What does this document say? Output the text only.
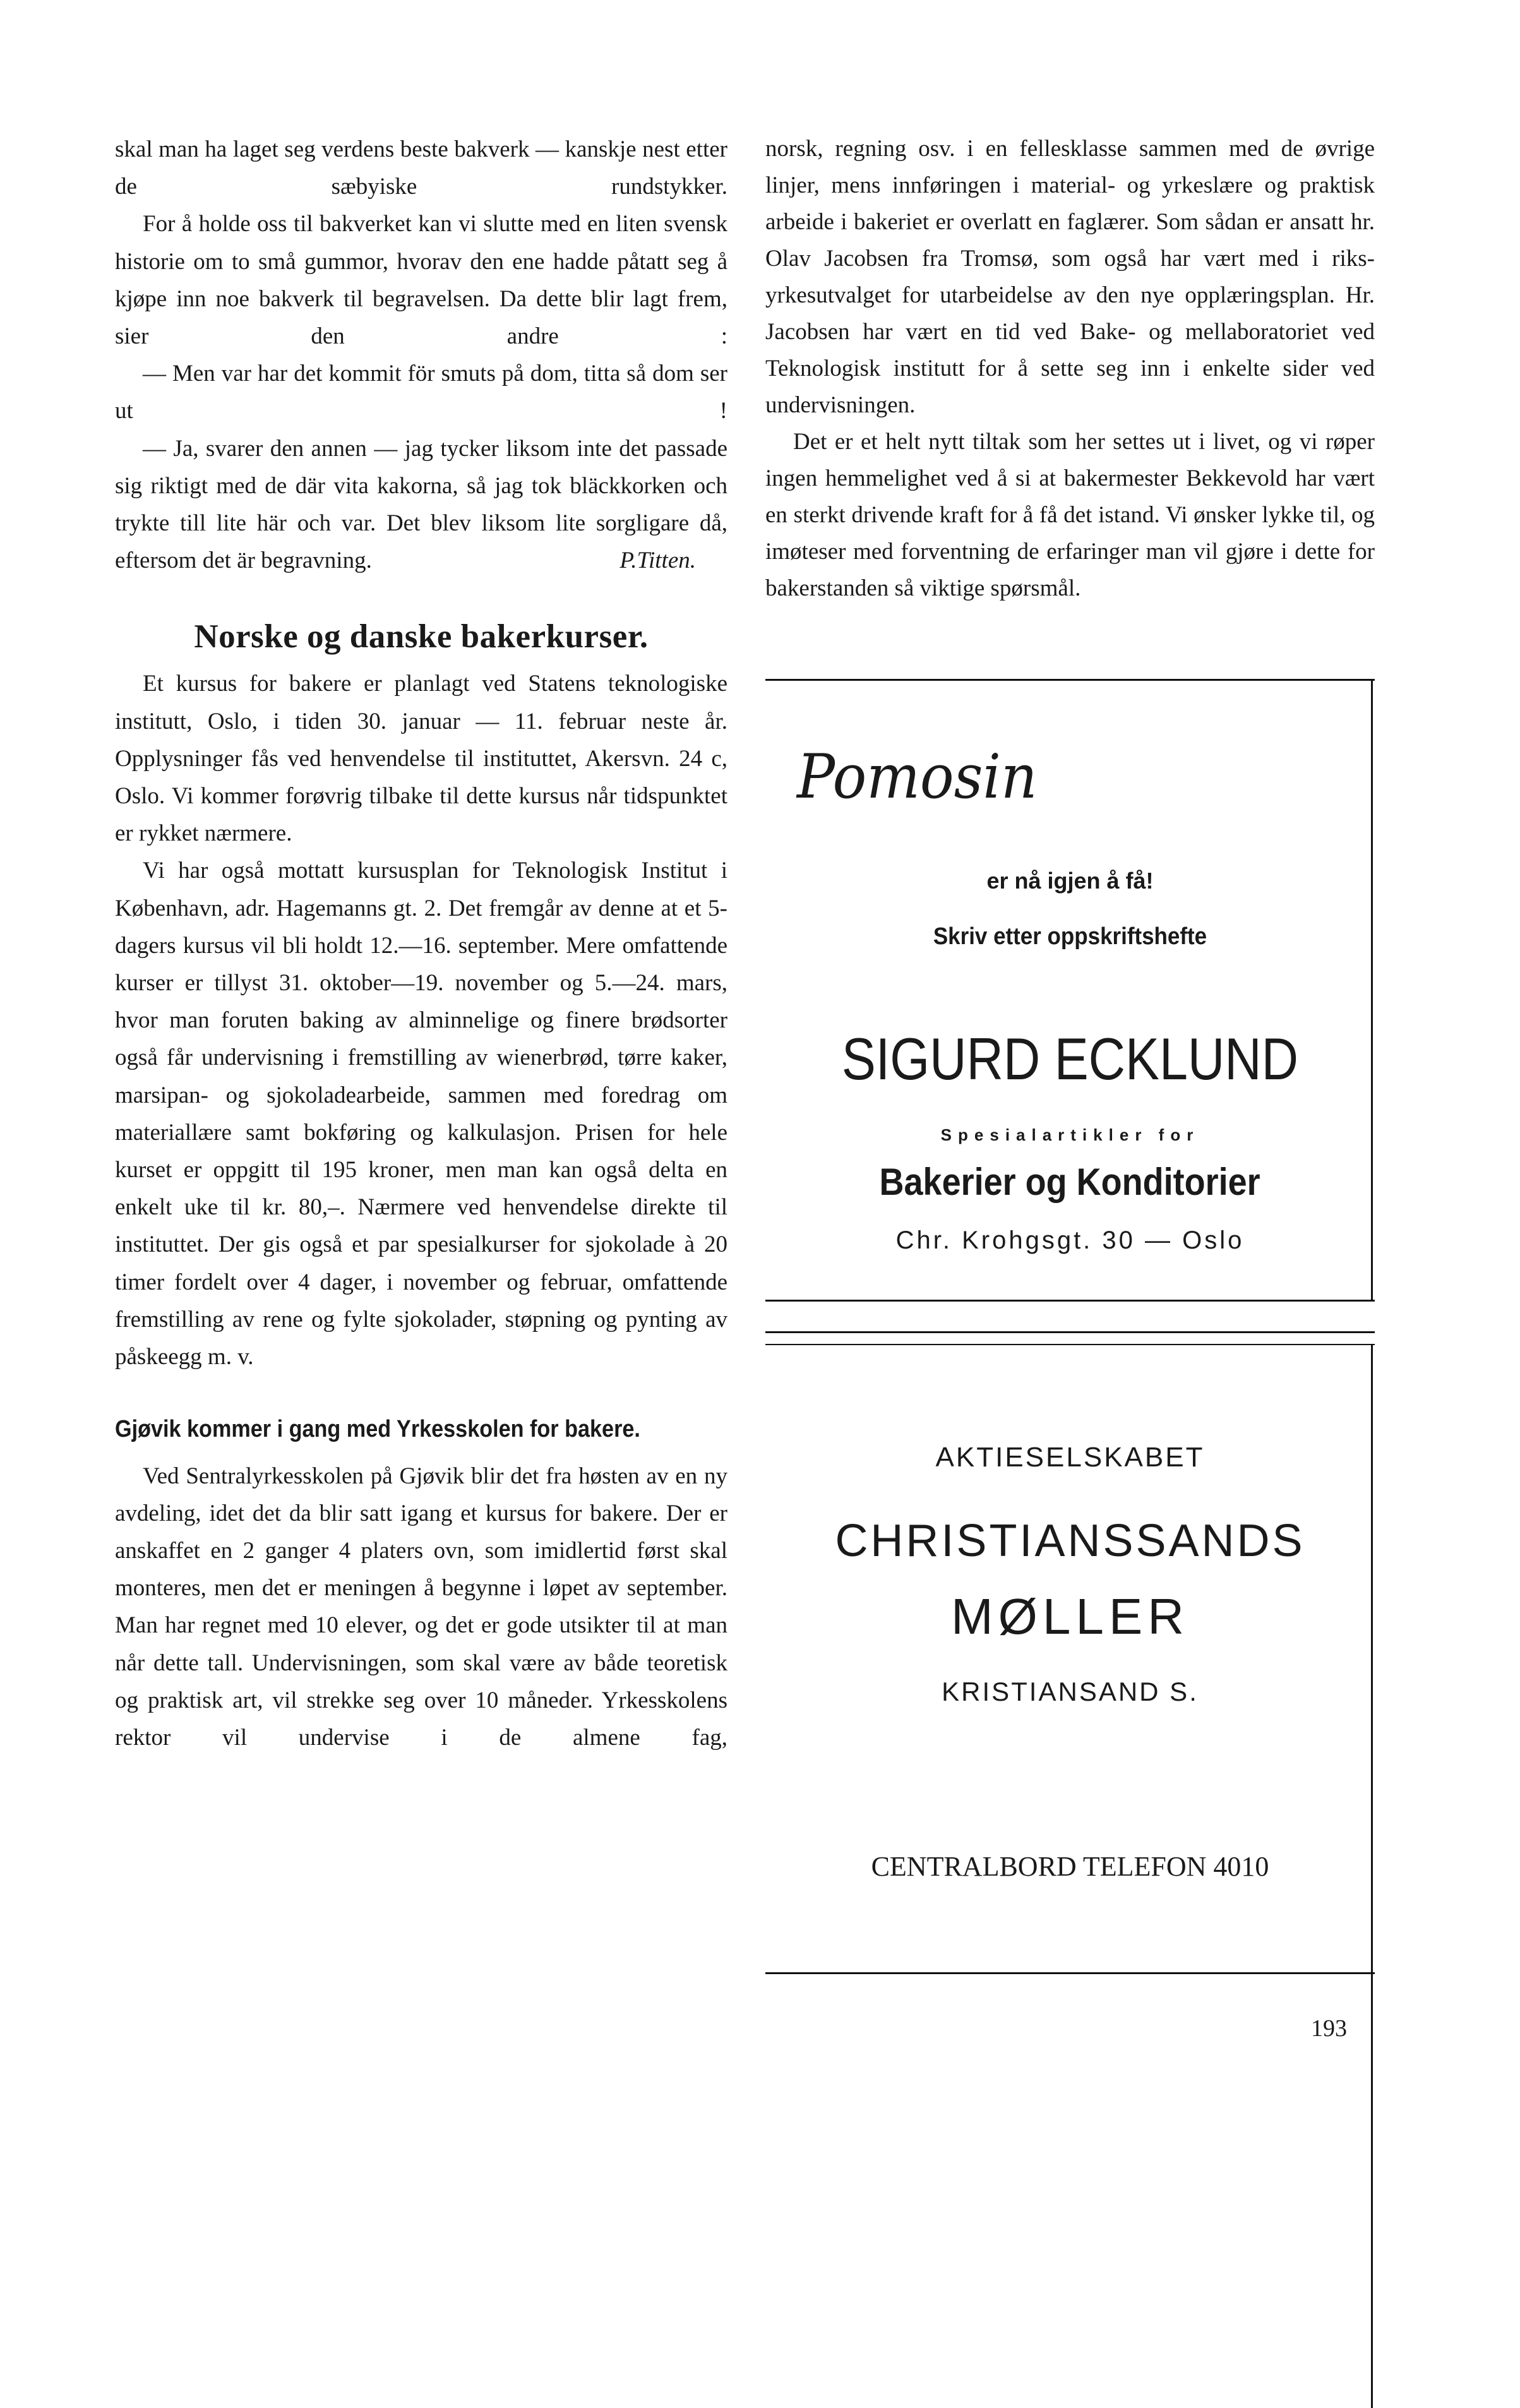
skal man ha laget seg verdens beste bakverk — kanskje nest etter de sæbyiske rundstykker.

For å holde oss til bakverket kan vi slutte med en liten svensk historie om to små gummor, hvorav den ene hadde påtatt seg å kjøpe inn noe bakverk til begravelsen. Da dette blir lagt frem, sier den andre :

— Men var har det kommit för smuts på dom, titta så dom ser ut !

— Ja, svarer den annen — jag tycker liksom inte det passade sig riktigt med de där vita kakorna, så jag tok bläckkorken och trykte till lite här och var. Det blev liksom lite sorgligare då, eftersom det är begravning.	P.Titten.

Norske og danske bakerkurser.

Et kursus for bakere er planlagt ved Statens teknologiske institutt, Oslo, i tiden 30. januar — 11. februar neste år. Opplysninger fås ved henvendelse til instituttet, Akersvn. 24 c, Oslo. Vi kommer forøvrig tilbake til dette kursus når tidspunktet er rykket nærmere.

Vi har også mottatt kursusplan for Teknologisk Institut i København, adr. Hagemanns gt. 2. Det fremgår av denne at et 5-dagers kursus vil bli holdt 12.—16. september. Mere omfattende kurser er tillyst 31. oktober—19. november og 5.—24. mars, hvor man foruten baking av alminnelige og finere brødsorter også får undervisning i fremstilling av wienerbrød, tørre kaker, marsipan- og sjokoladearbeide, sammen med foredrag om materiallære samt bokføring og kalkulasjon. Prisen for hele kurset er oppgitt til 195 kroner, men man kan også delta en enkelt uke til kr. 80,–. Nærmere ved henvendelse direkte til instituttet. Der gis også et par spesialkurser for sjokolade à 20 timer fordelt over 4 dager, i november og februar, omfattende fremstilling av rene og fylte sjokolader, støpning og pynting av påskeegg m. v.

Gjøvik kommer i gang med Yrkesskolen for bakere.

Ved Sentralyrkesskolen på Gjøvik blir det fra høsten av en ny avdeling, idet det da blir satt igang et kursus for bakere. Der er anskaffet en 2 ganger 4 platers ovn, som imidlertid først skal monteres, men det er meningen å begynne i løpet av september. Man har regnet med 10 elever, og det er gode utsikter til at man når dette tall. Undervisningen, som skal være av både teoretisk og praktisk art, vil strekke seg over 10 måneder. Yrkesskolens rektor vil undervise i de almene fag,

norsk, regning osv. i en fellesklasse sammen med de øvrige linjer, mens innføringen i material- og yrkeslære og praktisk arbeide i bakeriet er overlatt en faglærer. Som sådan er ansatt hr. Olav Jacobsen fra Tromsø, som også har vært med i riksyrkesutvalget for utarbeidelse av den nye opplæringsplan. Hr. Jacobsen har vært en tid ved Bake- og mellaboratoriet ved Teknologisk institutt for å sette seg inn i enkelte sider ved undervisningen.

Det er et helt nytt tiltak som her settes ut i livet, og vi røper ingen hemmelighet ved å si at bakermester Bekkevold har vært en sterkt drivende kraft for å få det istand. Vi ønsker lykke til, og imøteser med forventning de erfaringer man vil gjøre i dette for bakerstanden så viktige spørsmål.

Pomosin
er nå igjen å få!
Skriv etter oppskriftshefte
SIGURD ECKLUND
Spesialartikler for
Bakerier og Konditorier
Chr. Krohgsgt. 30 — Oslo
AKTIESELSKABET
CHRISTIANSSANDS
MØLLER
KRISTIANSAND S.
CENTRALBORD TELEFON 4010
193
